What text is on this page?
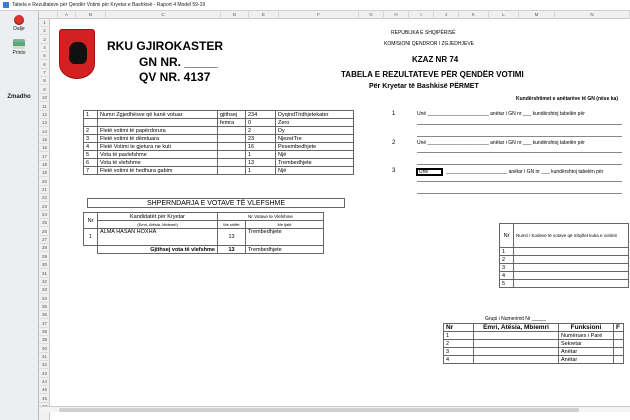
Tabela e Rezultateve për Qendër Votimi për Kryetar e Bashkisë - Raport 4 Model 59-19
Dalje
Printo
Zmadho
A	B	C	D	E	F	G	H	I	J	K	L	M	N
1
2
3
4
5
6
7
8
9
10
11
12
13
14
15
16
17
18
19
20
21
22
23
24
25
26
27
28
29
30
31
32
33
34
35
36
37
38
39
40
41
42
43
44
45
46
RKU GJIROKASTER
GN NR. _____
QV NR. 4137
REPUBLIKA E SHQIPËRISË
KOMISIONI QENDROR I ZGJEDHJEVE
KZAZ NR 74
TABELA E REZULTATEVE PËR QENDËR VOTIMI
Për Kryetar të Bashkisë PËRMET
Kundërshtimet e anëtarëve të GN (nëse ka)
1	Numri Zgjedhësve që kanë votuar	gjithsej	234	DyqindTridhjetekater
		femra	0	Zero
2	Fletë votimi të papërdorura		2	Dy
3	Fletë votimi të dëmtuara		23	NjezetTre
4	Fletë Votimi te gjetura ne kuti		16	Pesembedhjete
5	Vota të pavlefshme		1	Një
6	Vota të vlefshme		13	Trembedhjete
7	Fletë votimi të hedhura gabim		1	Një
SHPERNDARJA E VOTAVE TË VLEFSHME
Nr	Kandidatët për Kryetar	Nr Votave te Vlefshme	
	(Emri, Atësia, Mbiemri)	Me shifër	Me fjalë
1	ALMA HASAN HOXHA	13	Trembedhjete
	Gjithsej vota të vlefshme	13	Trembedhjete
1	Unë ______________________ anëtar i GN nr ___ kundërshtoj tabelën për
2	Unë ______________________ anëtar i GN nr ___ kundërshtoj tabelën për
3	Unë	______________________ anëtar i GN nr ___ kundërshtoj tabelën për
Nr	Numri i Kodeve të votave që mbyllet kutia e votimit
1	
2	
3	
4	
5	
Grupi i Numerimit Nr _____
Nr	Emri, Atësia, Mbiemri	Funksioni	F
1		Numërues i Parë	
2		Sekretar	
3		Anëtar	
4		Anëtar	
